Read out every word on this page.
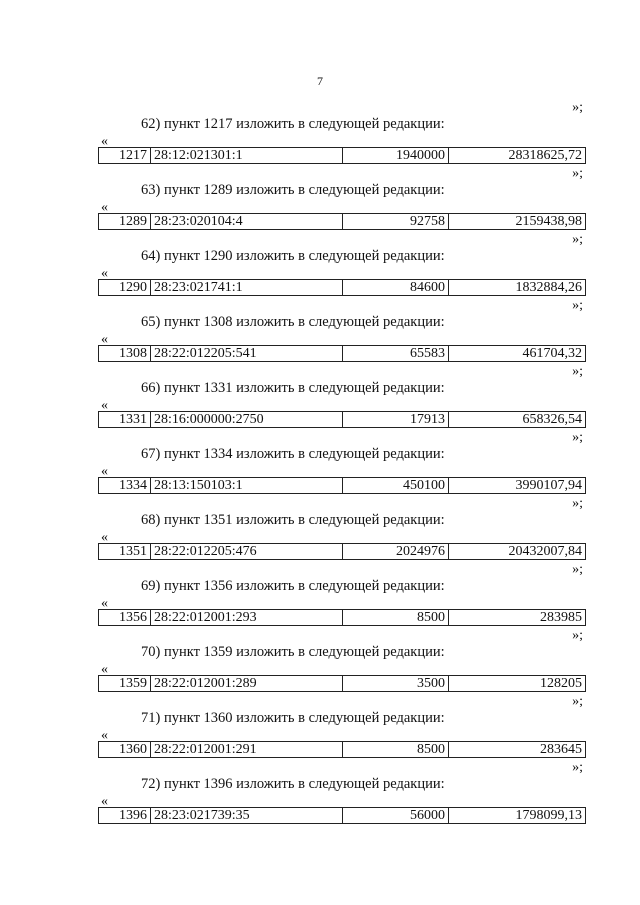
7
»;
62) пункт 1217 изложить в следующей редакции:
«
1217 28:12:021301:1	1940000	28318625,72
»;
63) пункт 1289 изложить в следующей редакции:
«
1289 28:23:020104:4	92758	2159438,98
»;
64) пункт 1290 изложить в следующей редакции:
«
1290 28:23:021741:1	84600	1832884,26
»;
65) пункт 1308 изложить в следующей редакции:
«
1308 28:22:012205:541	65583	461704,32
»;
66) пункт 1331 изложить в следующей редакции:
«
1331 28:16:000000:2750	17913	658326,54
»;
67) пункт 1334 изложить в следующей редакции:
«
1334 28:13:150103:1	450100	3990107,94
»;
68) пункт 1351 изложить в следующей редакции:
«
1351 28:22:012205:476	2024976	20432007,84
»;
69) пункт 1356 изложить в следующей редакции:
«
1356 28:22:012001:293	8500	283985
»;
70) пункт 1359 изложить в следующей редакции:
«
1359 28:22:012001:289	3500	128205
»;
71) пункт 1360 изложить в следующей редакции:
«
1360 28:22:012001:291	8500	283645
»;
72) пункт 1396 изложить в следующей редакции:
«
1396 28:23:021739:35	56000	1798099,13
